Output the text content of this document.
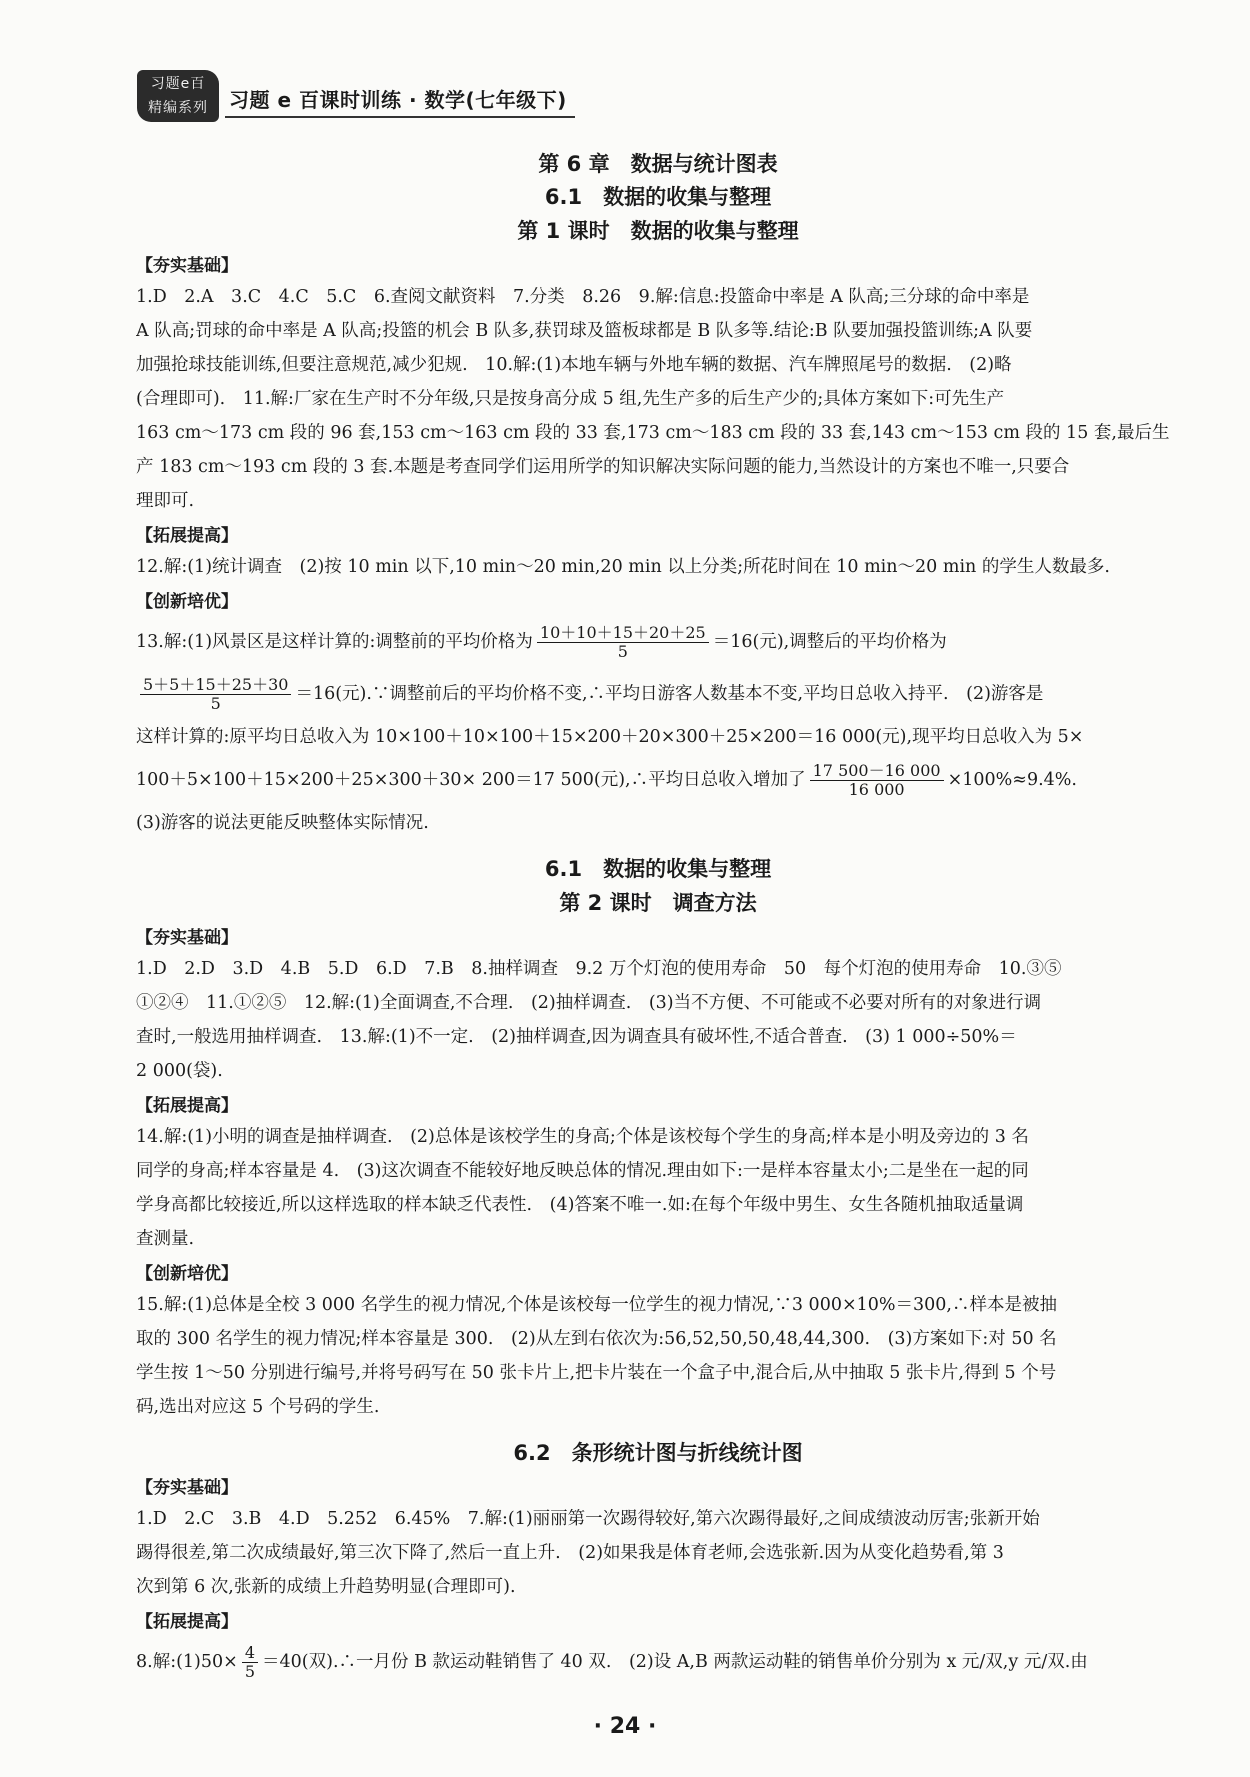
习题e百
精编系列	习题 e 百课时训练 · 数学(七年级下)
第 6 章　数据与统计图表
6.1　数据的收集与整理
第 1 课时　数据的收集与整理
【夯实基础】
1.D　2.A　3.C　4.C　5.C　6.查阅文献资料　7.分类　8.26　9.解:信息:投篮命中率是 A 队高;三分球的命中率是
A 队高;罚球的命中率是 A 队高;投篮的机会 B 队多,获罚球及篮板球都是 B 队多等.结论:B 队要加强投篮训练;A 队要
加强抢球技能训练,但要注意规范,减少犯规.　10.解:(1)本地车辆与外地车辆的数据、汽车牌照尾号的数据.　(2)略
(合理即可).　11.解:厂家在生产时不分年级,只是按身高分成 5 组,先生产多的后生产少的;具体方案如下:可先生产
163 cm～173 cm 段的 96 套,153 cm～163 cm 段的 33 套,173 cm～183 cm 段的 33 套,143 cm～153 cm 段的 15 套,最后生
产 183 cm～193 cm 段的 3 套.本题是考查同学们运用所学的知识解决实际问题的能力,当然设计的方案也不唯一,只要合
理即可.
【拓展提高】
12.解:(1)统计调查　(2)按 10 min 以下,10 min～20 min,20 min 以上分类;所花时间在 10 min～20 min 的学生人数最多.
【创新培优】
13.解:(1)风景区是这样计算的:调整前的平均价格为 $\frac{10+10+15+20+25}{5} =16$(元),调整后的平均价格为
$\frac{5+5+15+25+30}{5} =16$(元).∵调整前后的平均价格不变,∴平均日游客人数基本不变,平均日总收入持平.　(2)游客是
这样计算的:原平均日总收入为 10×100＋10×100＋15×200＋20×300＋25×200＝16 000(元),现平均日总收入为 5×
100＋5×100＋15×200＋25×300＋30× 200＝17 500(元),∴平均日总收入增加了 $\frac{17 500-16 000}{16 000} \times 100\%\approx 9.4\%$.
(3)游客的说法更能反映整体实际情况.
6.1　数据的收集与整理
第 2 课时　调查方法
【夯实基础】
1.D　2.D　3.D　4.B　5.D　6.D　7.B　8.抽样调查　9.2 万个灯泡的使用寿命　50　每个灯泡的使用寿命　10.③⑤
①②④　11.①②⑤　12.解:(1)全面调查,不合理.　(2)抽样调查.　(3)当不方便、不可能或不必要对所有的对象进行调
查时,一般选用抽样调查.　13.解:(1)不一定.　(2)抽样调查,因为调查具有破坏性,不适合普查.　(3) 1 000÷50%＝
2 000(袋).
【拓展提高】
14.解:(1)小明的调查是抽样调查.　(2)总体是该校学生的身高;个体是该校每个学生的身高;样本是小明及旁边的 3 名
同学的身高;样本容量是 4.　(3)这次调查不能较好地反映总体的情况.理由如下:一是样本容量太小;二是坐在一起的同
学身高都比较接近,所以这样选取的样本缺乏代表性.　(4)答案不唯一.如:在每个年级中男生、女生各随机抽取适量调
查测量.
【创新培优】
15.解:(1)总体是全校 3 000 名学生的视力情况,个体是该校每一位学生的视力情况,∵3 000×10%＝300,∴样本是被抽
取的 300 名学生的视力情况;样本容量是 300.　(2)从左到右依次为:56,52,50,50,48,44,300.　(3)方案如下:对 50 名
学生按 1～50 分别进行编号,并将号码写在 50 张卡片上,把卡片装在一个盒子中,混合后,从中抽取 5 张卡片,得到 5 个号
码,选出对应这 5 个号码的学生.
6.2　条形统计图与折线统计图
【夯实基础】
1.D　2.C　3.B　4.D　5.252　6.45%　7.解:(1)丽丽第一次踢得较好,第六次踢得最好,之间成绩波动厉害;张新开始
踢得很差,第二次成绩最好,第三次下降了,然后一直上升.　(2)如果我是体育老师,会选张新.因为从变化趋势看,第 3
次到第 6 次,张新的成绩上升趋势明显(合理即可).
【拓展提高】
8.解:(1)50× $\frac{4}{5} =40$(双).∴一月份 B 款运动鞋销售了 40 双.　(2)设 A,B 两款运动鞋的销售单价分别为 x 元/双,y 元/双.由
· 24 ·
